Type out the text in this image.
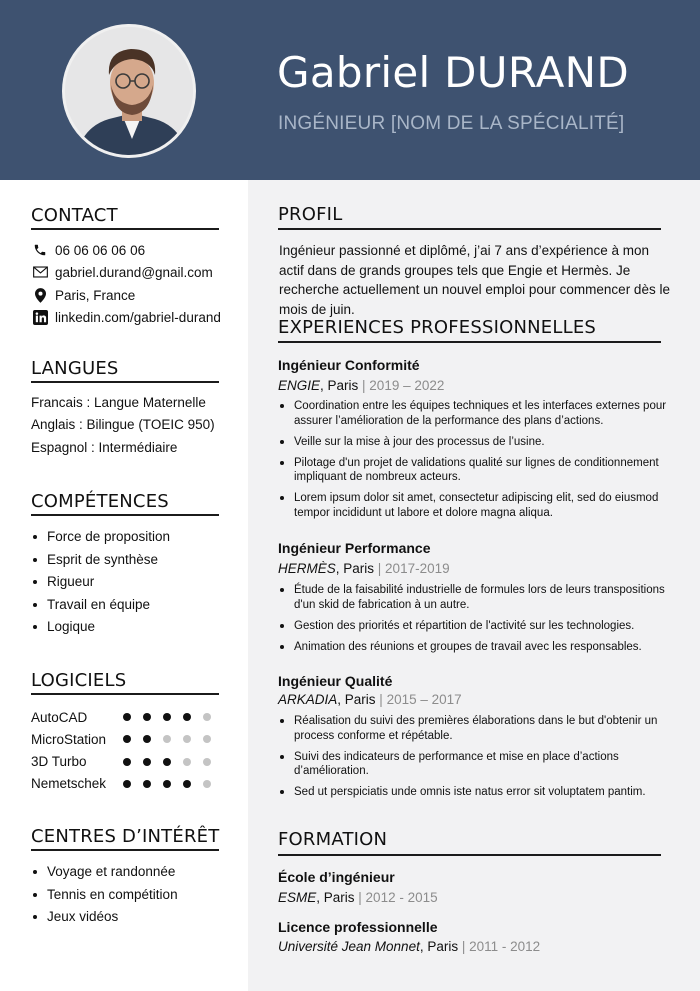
Gabriel DURAND
INGÉNIEUR [NOM DE LA SPÉCIALITÉ]
CONTACT
06 06 06 06 06
gabriel.durand@gnail.com
Paris, France
linkedin.com/gabriel-durand
LANGUES
Francais : Langue Maternelle
Anglais : Bilingue (TOEIC 950)
Espagnol : Intermédiaire
COMPÉTENCES
Force de proposition
Esprit de synthèse
Rigueur
Travail en équipe
Logique
LOGICIELS
AutoCAD
MicroStation
3D Turbo
Nemetschek
CENTRES D’INTÉRÊT
Voyage et randonnée
Tennis en compétition
Jeux vidéos
PROFIL
Ingénieur passionné et diplômé, j’ai 7 ans d’expérience à mon actif dans de grands groupes tels que Engie et Hermès. Je recherche actuellement un nouvel emploi pour commencer dès le mois de juin.
EXPERIENCES PROFESSIONNELLES
Ingénieur Conformité
ENGIE, Paris | 2019 – 2022
Coordination entre les équipes techniques et les interfaces externes pour assurer l’amélioration de la performance des plans d’actions.
Veille sur la mise à jour des processus de l’usine.
Pilotage d'un projet de validations qualité sur lignes de conditionnement impliquant de nombreux acteurs.
Lorem ipsum dolor sit amet, consectetur adipiscing elit, sed do eiusmod tempor incididunt ut labore et dolore magna aliqua.
Ingénieur Performance
HERMÈS, Paris | 2017-2019
Étude de la faisabilité industrielle de formules lors de leurs transpositions d'un skid de fabrication à un autre.
Gestion des priorités et répartition de l'activité sur les technologies.
Animation des réunions et groupes de travail avec les responsables.
Ingénieur Qualité
ARKADIA, Paris | 2015 – 2017
Réalisation du suivi des premières élaborations dans le but d'obtenir un process conforme et répétable.
Suivi des indicateurs de performance et mise en place d’actions d’amélioration.
Sed ut perspiciatis unde omnis iste natus error sit voluptatem pantim.
FORMATION
École d’ingénieur
ESME, Paris | 2012 - 2015
Licence professionnelle
Université Jean Monnet, Paris | 2011 - 2012
